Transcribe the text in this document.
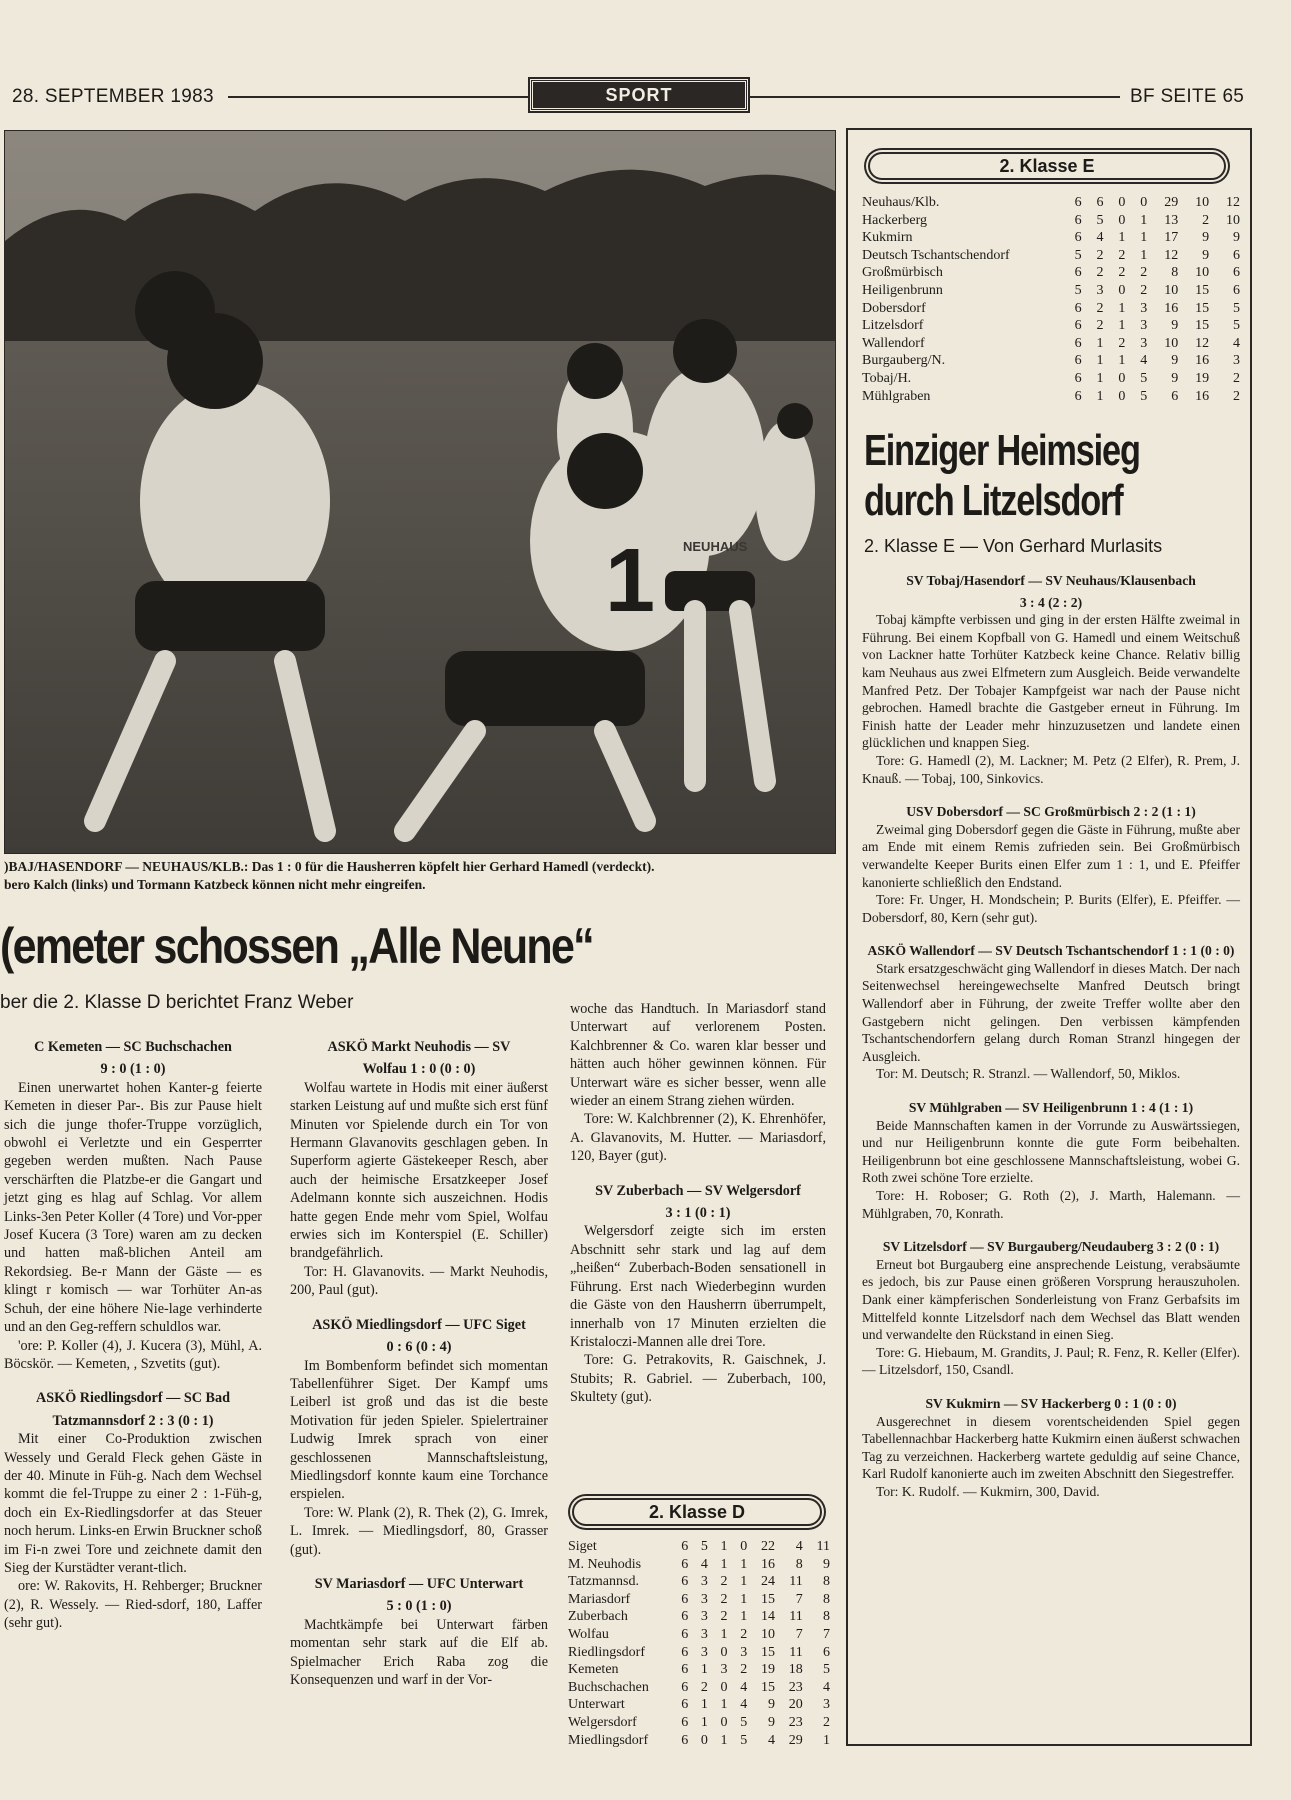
28. SEPTEMBER 1983	SPORT	BF SEITE 65
1 NEUHAUS
)BAJ/HASENDORF — NEUHAUS/KLB.: Das 1 : 0 für die Hausherren köpfelt hier Gerhard Hamedl (verdeckt).
bero Kalch (links) und Tormann Katzbeck können nicht mehr eingreifen.
(emeter schossen „Alle Neune“
ber die 2. Klasse D berichtet Franz Weber
C Kemeten — SC Buchschachen
9 : 0 (1 : 0)

Einen unerwartet hohen Kanter-g feierte Kemeten in dieser Par-. Bis zur Pause hielt sich die junge thofer-Truppe vorzüglich, obwohl ei Verletzte und ein Gesperrter gegeben werden mußten. Nach Pause verschärften die Platzbe-er die Gangart und jetzt ging es hlag auf Schlag. Vor allem Links-3en Peter Koller (4 Tore) und Vor-pper Josef Kucera (3 Tore) waren am zu decken und hatten maß-blichen Anteil am Rekordsieg. Be-r Mann der Gäste — es klingt r komisch — war Torhüter An-as Schuh, der eine höhere Nie-lage verhinderte und an den Geg-reffern schuldlos war.

'ore: P. Koller (4), J. Kucera (3), Mühl, A. Böcskör. — Kemeten, , Szvetits (gut).

ASKÖ Riedlingsdorf — SC Bad
Tatzmannsdorf 2 : 3 (0 : 1)

Mit einer Co-Produktion zwischen Wessely und Gerald Fleck gehen Gäste in der 40. Minute in Füh-g. Nach dem Wechsel kommt die fel-Truppe zu einer 2 : 1-Füh-g, doch ein Ex-Riedlingsdorfer at das Steuer noch herum. Links-en Erwin Bruckner schoß im Fi-n zwei Tore und zeichnete damit den Sieg der Kurstädter verant-tlich.

ore: W. Rakovits, H. Rehberger; Bruckner (2), R. Wessely. — Ried-sdorf, 180, Laffer (sehr gut).

ASKÖ Markt Neuhodis — SV
Wolfau 1 : 0 (0 : 0)

Wolfau wartete in Hodis mit einer äußerst starken Leistung auf und mußte sich erst fünf Minuten vor Spielende durch ein Tor von Hermann Glavanovits geschlagen geben. In Superform agierte Gästekeeper Resch, aber auch der heimische Ersatzkeeper Josef Adelmann konnte sich auszeichnen. Hodis hatte gegen Ende mehr vom Spiel, Wolfau erwies sich im Konterspiel (E. Schiller) brandgefährlich.

Tor: H. Glavanovits. — Markt Neuhodis, 200, Paul (gut).

ASKÖ Miedlingsdorf — UFC Siget
0 : 6 (0 : 4)

Im Bombenform befindet sich momentan Tabellenführer Siget. Der Kampf ums Leiberl ist groß und das ist die beste Motivation für jeden Spieler. Spielertrainer Ludwig Imrek sprach von einer geschlossenen Mannschaftsleistung, Miedlingsdorf konnte kaum eine Torchance erspielen.

Tore: W. Plank (2), R. Thek (2), G. Imrek, L. Imrek. — Miedlingsdorf, 80, Grasser (gut).

SV Mariasdorf — UFC Unterwart
5 : 0 (1 : 0)

Machtkämpfe bei Unterwart färben momentan sehr stark auf die Elf ab. Spielmacher Erich Raba zog die Konsequenzen und warf in der Vor-

woche das Handtuch. In Mariasdorf stand Unterwart auf verlorenem Posten. Kalchbrenner & Co. waren klar besser und hätten auch höher gewinnen können. Für Unterwart wäre es sicher besser, wenn alle wieder an einem Strang ziehen würden.

Tore: W. Kalchbrenner (2), K. Ehrenhöfer, A. Glavanovits, M. Hutter. — Mariasdorf, 120, Bayer (gut).

SV Zuberbach — SV Welgersdorf
3 : 1 (0 : 1)

Welgersdorf zeigte sich im ersten Abschnitt sehr stark und lag auf dem „heißen“ Zuberbach-Boden sensationell in Führung. Erst nach Wiederbeginn wurden die Gäste von den Hausherrn überrumpelt, innerhalb von 17 Minuten erzielten die Kristaloczi-Mannen alle drei Tore.

Tore: G. Petrakovits, R. Gaischnek, J. Stubits; R. Gabriel. — Zuberbach, 100, Skultety (gut).

2. Klasse D
Siget	6	5	1	0	22	4	11
M. Neuhodis	6	4	1	1	16	8	9
Tatzmannsd.	6	3	2	1	24	11	8
Mariasdorf	6	3	2	1	15	7	8
Zuberbach	6	3	2	1	14	11	8
Wolfau	6	3	1	2	10	7	7
Riedlingsdorf	6	3	0	3	15	11	6
Kemeten	6	1	3	2	19	18	5
Buchschachen	6	2	0	4	15	23	4
Unterwart	6	1	1	4	9	20	3
Welgersdorf	6	1	0	5	9	23	2
Miedlingsdorf	6	0	1	5	4	29	1
2. Klasse E
Neuhaus/Klb.	6	6	0	0	29	10	12
Hackerberg	6	5	0	1	13	2	10
Kukmirn	6	4	1	1	17	9	9
Deutsch Tschantschendorf	5	2	2	1	12	9	6
Großmürbisch	6	2	2	2	8	10	6
Heiligenbrunn	5	3	0	2	10	15	6
Dobersdorf	6	2	1	3	16	15	5
Litzelsdorf	6	2	1	3	9	15	5
Wallendorf	6	1	2	3	10	12	4
Burgauberg/N.	6	1	1	4	9	16	3
Tobaj/H.	6	1	0	5	9	19	2
Mühlgraben	6	1	0	5	6	16	2
Einziger Heimsieg
durch Litzelsdorf
2. Klasse E — Von Gerhard Murlasits
SV Tobaj/Hasendorf — SV Neuhaus/Klausenbach
3 : 4 (2 : 2)

Tobaj kämpfte verbissen und ging in der ersten Hälfte zweimal in Führung. Bei einem Kopfball von G. Hamedl und einem Weitschuß von Lackner hatte Torhüter Katzbeck keine Chance. Relativ billig kam Neuhaus aus zwei Elfmetern zum Ausgleich. Beide verwandelte Manfred Petz. Der Tobajer Kampfgeist war nach der Pause nicht gebrochen. Hamedl brachte die Gastgeber erneut in Führung. Im Finish hatte der Leader mehr hinzuzusetzen und landete einen glücklichen und knappen Sieg.

Tore: G. Hamedl (2), M. Lackner; M. Petz (2 Elfer), R. Prem, J. Knauß. — Tobaj, 100, Sinkovics.

USV Dobersdorf — SC Großmürbisch 2 : 2 (1 : 1)

Zweimal ging Dobersdorf gegen die Gäste in Führung, mußte aber am Ende mit einem Remis zufrieden sein. Bei Großmürbisch verwandelte Keeper Burits einen Elfer zum 1 : 1, und E. Pfeiffer kanonierte schließlich den Endstand.

Tore: Fr. Unger, H. Mondschein; P. Burits (Elfer), E. Pfeiffer. — Dobersdorf, 80, Kern (sehr gut).

ASKÖ Wallendorf — SV Deutsch Tschantschendorf 1 : 1 (0 : 0)

Stark ersatzgeschwächt ging Wallendorf in dieses Match. Der nach Seitenwechsel hereingewechselte Manfred Deutsch bringt Wallendorf aber in Führung, der zweite Treffer wollte aber den Gastgebern nicht gelingen. Den verbissen kämpfenden Tschantschendorfern gelang durch Roman Stranzl hingegen der Ausgleich.

Tor: M. Deutsch; R. Stranzl. — Wallendorf, 50, Miklos.

SV Mühlgraben — SV Heiligenbrunn 1 : 4 (1 : 1)

Beide Mannschaften kamen in der Vorrunde zu Auswärtssiegen, und nur Heiligenbrunn konnte die gute Form beibehalten. Heiligenbrunn bot eine geschlossene Mannschaftsleistung, wobei G. Roth zwei schöne Tore erzielte.

Tore: H. Roboser; G. Roth (2), J. Marth, Halemann. — Mühlgraben, 70, Konrath.

SV Litzelsdorf — SV Burgauberg/Neudauberg 3 : 2 (0 : 1)

Erneut bot Burgauberg eine ansprechende Leistung, verabsäumte es jedoch, bis zur Pause einen größeren Vorsprung herauszuholen. Dank einer kämpferischen Sonderleistung von Franz Gerbafsits im Mittelfeld konnte Litzelsdorf nach dem Wechsel das Blatt wenden und verwandelte den Rückstand in einen Sieg.

Tore: G. Hiebaum, M. Grandits, J. Paul; R. Fenz, R. Keller (Elfer). — Litzelsdorf, 150, Csandl.

SV Kukmirn — SV Hackerberg 0 : 1 (0 : 0)

Ausgerechnet in diesem vorentscheidenden Spiel gegen Tabellennachbar Hackerberg hatte Kukmirn einen äußerst schwachen Tag zu verzeichnen. Hackerberg wartete geduldig auf seine Chance, Karl Rudolf kanonierte auch im zweiten Abschnitt den Siegestreffer.

Tor: K. Rudolf. — Kukmirn, 300, David.
